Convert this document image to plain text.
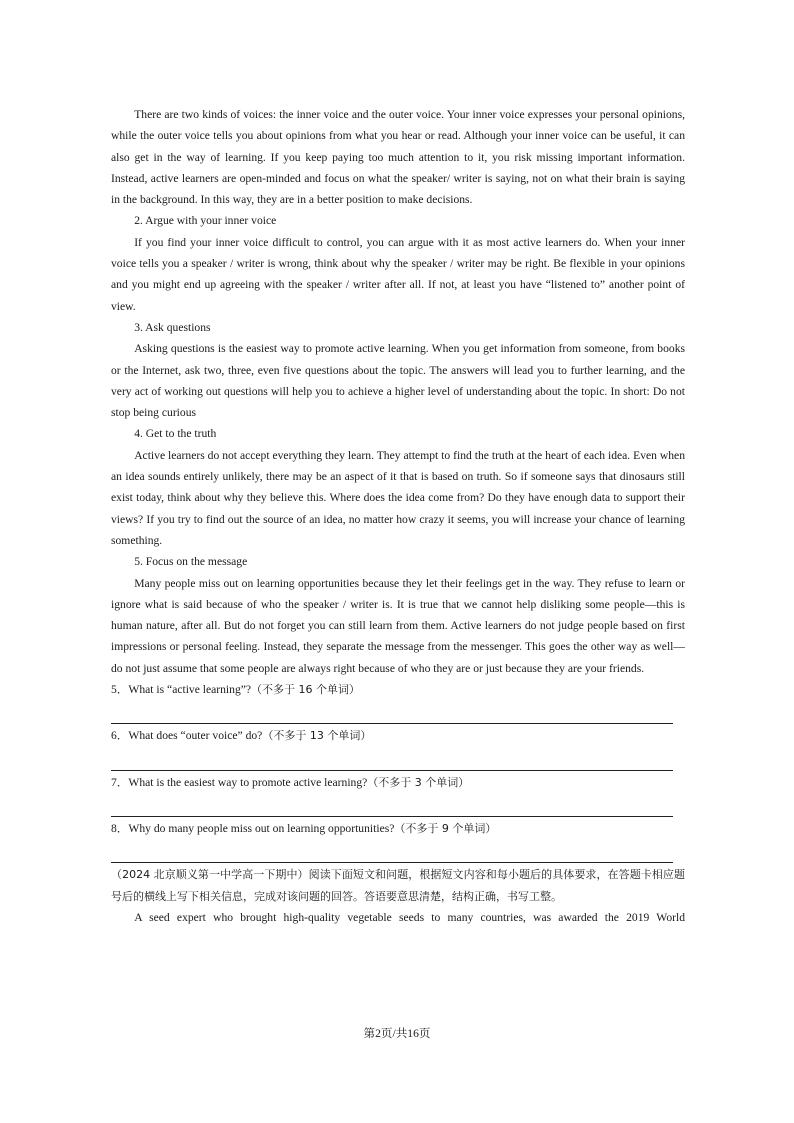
There are two kinds of voices: the inner voice and the outer voice. Your inner voice expresses your personal opinions, while the outer voice tells you about opinions from what you hear or read. Although your inner voice can be useful, it can also get in the way of learning. If you keep paying too much attention to it, you risk missing important information. Instead, active learners are open-minded and focus on what the speaker/ writer is saying, not on what their brain is saying in the background. In this way, they are in a better position to make decisions.

2. Argue with your inner voice

If you find your inner voice difficult to control, you can argue with it as most active learners do. When your inner voice tells you a speaker / writer is wrong, think about why the speaker / writer may be right. Be flexible in your opinions and you might end up agreeing with the speaker / writer after all. If not, at least you have “listened to” another point of view.

3. Ask questions

Asking questions is the easiest way to promote active learning. When you get information from someone, from books or the Internet, ask two, three, even five questions about the topic. The answers will lead you to further learning, and the very act of working out questions will help you to achieve a higher level of understanding about the topic. In short: Do not stop being curious

4. Get to the truth

Active learners do not accept everything they learn. They attempt to find the truth at the heart of each idea. Even when an idea sounds entirely unlikely, there may be an aspect of it that is based on truth. So if someone says that dinosaurs still exist today, think about why they believe this. Where does the idea come from? Do they have enough data to support their views? If you try to find out the source of an idea, no matter how crazy it seems, you will increase your chance of learning something.

5. Focus on the message

Many people miss out on learning opportunities because they let their feelings get in the way. They refuse to learn or ignore what is said because of who the speaker / writer is. It is true that we cannot help disliking some people—this is human nature, after all. But do not forget you can still learn from them. Active learners do not judge people based on first impressions or personal feeling. Instead, they separate the message from the messenger. This goes the other way as well—do not just assume that some people are always right because of who they are or just because they are your friends.

5．What is “active learning”?（不多于 16 个单词）

6．What does “outer voice” do?（不多于 13 个单词）

7．What is the easiest way to promote active learning?（不多于 3 个单词）

8．Why do many people miss out on learning opportunities?（不多于 9 个单词）

（2024 北京顺义第一中学高一下期中）阅读下面短文和问题，根据短文内容和每小题后的具体要求，在答题卡相应题号后的横线上写下相关信息，完成对该问题的回答。答语要意思清楚，结构正确，书写工整。

A seed expert who brought high-quality vegetable seeds to many countries, was awarded the 2019 World

第2页/共16页
